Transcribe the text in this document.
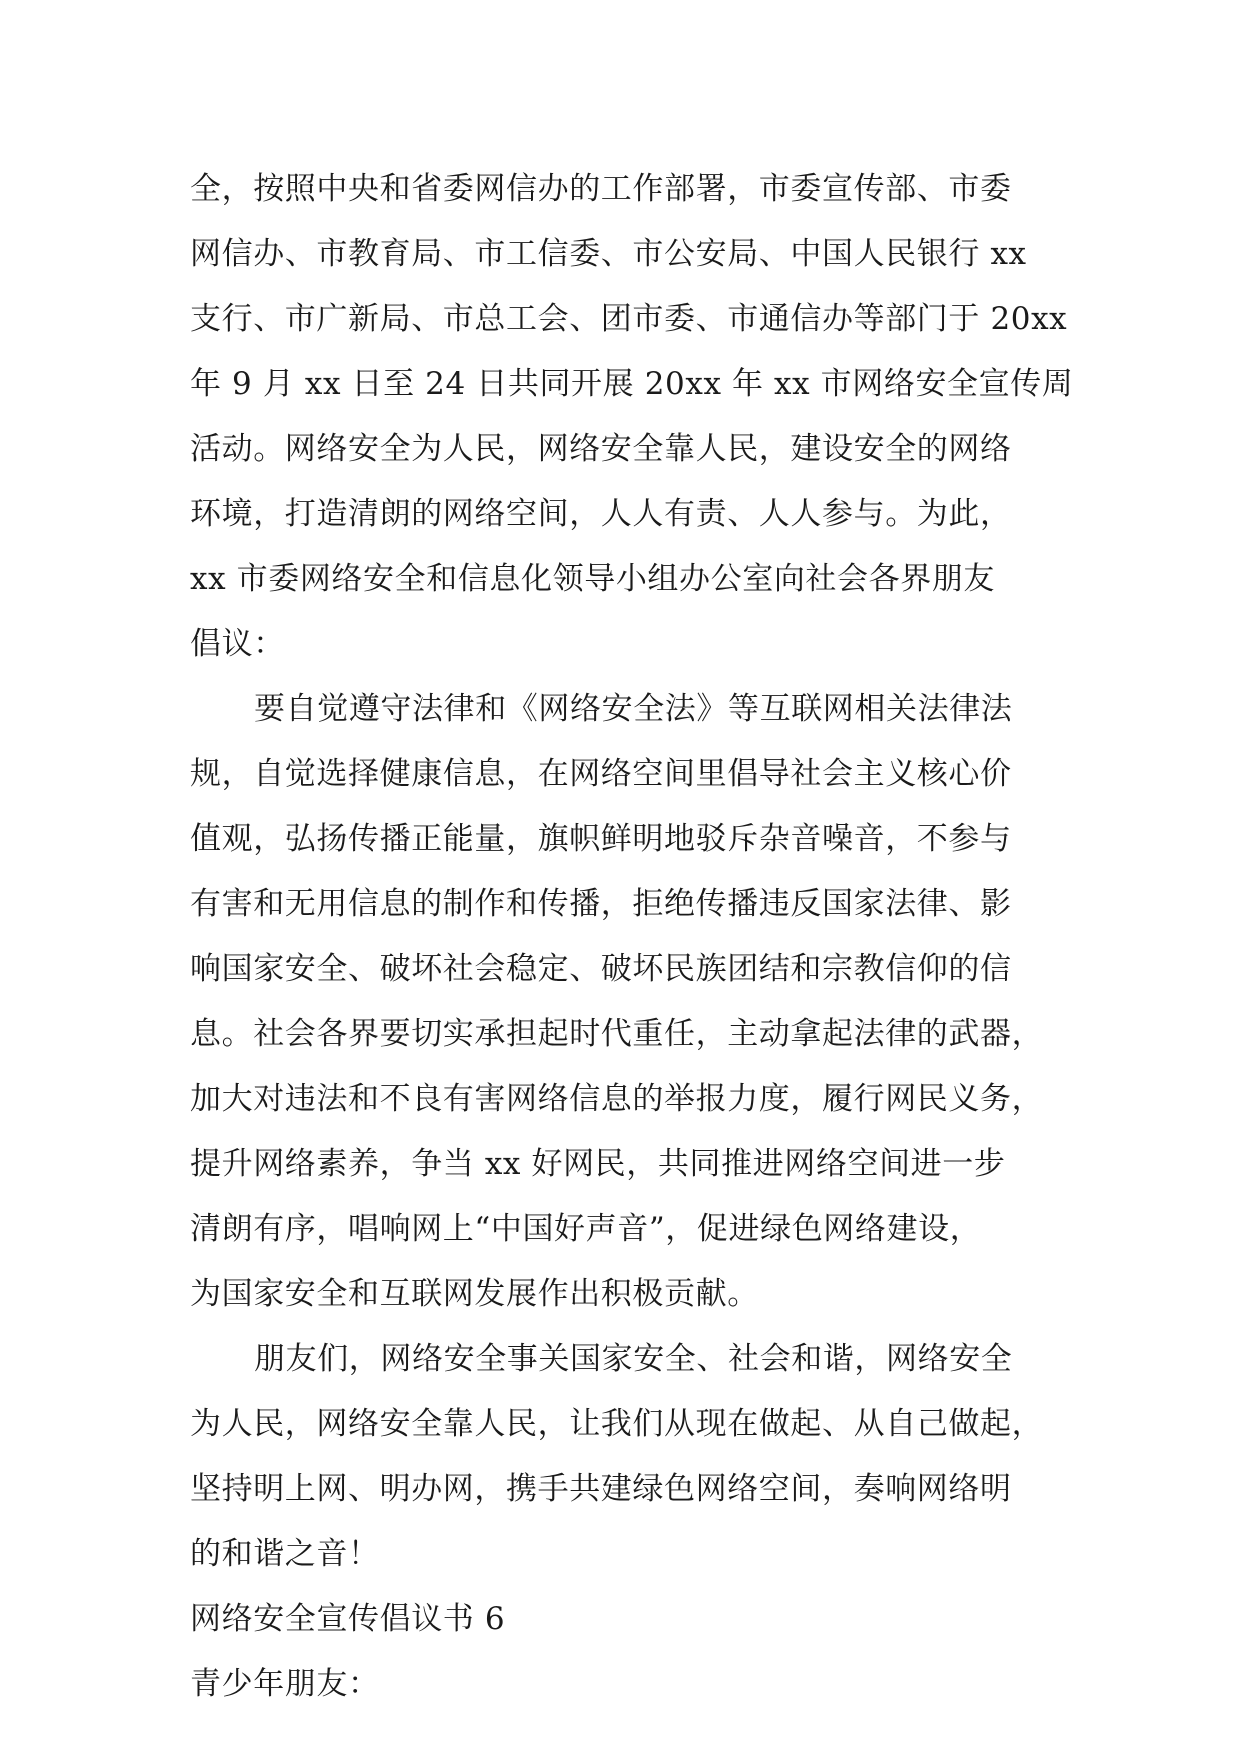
全，按照中央和省委网信办的工作部署，市委宣传部、市委
网信办、市教育局、市工信委、市公安局、中国人民银行 xx
支行、市广新局、市总工会、团市委、市通信办等部门于 20xx
年 9 月 xx 日至 24 日共同开展 20xx 年 xx 市网络安全宣传周
活动。网络安全为人民，网络安全靠人民，建设安全的网络
环境，打造清朗的网络空间，人人有责、人人参与。为此，
xx 市委网络安全和信息化领导小组办公室向社会各界朋友
倡议：
要自觉遵守法律和《网络安全法》等互联网相关法律法
规，自觉选择健康信息，在网络空间里倡导社会主义核心价
值观，弘扬传播正能量，旗帜鲜明地驳斥杂音噪音，不参与
有害和无用信息的制作和传播，拒绝传播违反国家法律、影
响国家安全、破坏社会稳定、破坏民族团结和宗教信仰的信
息。社会各界要切实承担起时代重任，主动拿起法律的武器，
加大对违法和不良有害网络信息的举报力度，履行网民义务，
提升网络素养，争当 xx 好网民，共同推进网络空间进一步
清朗有序，唱响网上“中国好声音”，促进绿色网络建设，
为国家安全和互联网发展作出积极贡献。
朋友们，网络安全事关国家安全、社会和谐，网络安全
为人民，网络安全靠人民，让我们从现在做起、从自己做起，
坚持明上网、明办网，携手共建绿色网络空间，奏响网络明
的和谐之音！
网络安全宣传倡议书 6
青少年朋友：
